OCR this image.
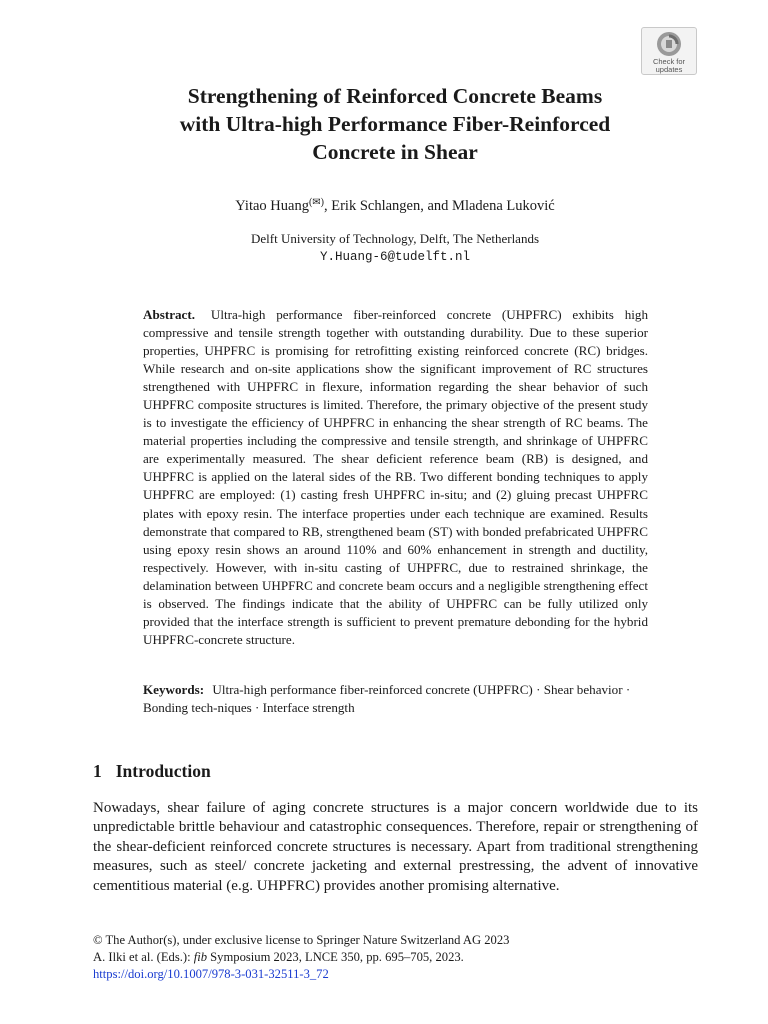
Check for
updates
Strengthening of Reinforced Concrete Beams
with Ultra-high Performance Fiber-Reinforced
Concrete in Shear
Yitao Huang(✉), Erik Schlangen, and Mladena Luković
Delft University of Technology, Delft, The Netherlands
Y.Huang-6@tudelft.nl

Abstract. Ultra-high performance fiber-reinforced concrete (UHPFRC) exhibits high compressive and tensile strength together with outstanding durability. Due to these superior properties, UHPFRC is promising for retrofitting existing reinforced concrete (RC) bridges. While research and on-site applications show the significant improvement of RC structures strengthened with UHPFRC in flexure, information regarding the shear behavior of such UHPFRC composite structures is limited. Therefore, the primary objective of the present study is to investigate the efficiency of UHPFRC in enhancing the shear strength of RC beams. The material properties including the compressive and tensile strength, and shrinkage of UHPFRC are experimentally measured. The shear deficient reference beam (RB) is designed, and UHPFRC is applied on the lateral sides of the RB. Two different bonding techniques to apply UHPFRC are employed: (1) casting fresh UHPFRC in-situ; and (2) gluing precast UHPFRC plates with epoxy resin. The interface properties under each technique are examined. Results demonstrate that compared to RB, strengthened beam (ST) with bonded prefabricated UHPFRC using epoxy resin shows an around 110% and 60% enhancement in strength and ductility, respectively. However, with in-situ casting of UHPFRC, due to restrained shrinkage, the delamination between UHPFRC and concrete beam occurs and a negligible strengthening effect is observed. The findings indicate that the ability of UHPFRC can be fully utilized only provided that the interface strength is sufficient to prevent premature debonding for the hybrid UHPFRC-concrete structure.

Keywords: Ultra-high performance fiber-reinforced concrete (UHPFRC) · Shear behavior · Bonding tech-niques · Interface strength

1 Introduction

Nowadays, shear failure of aging concrete structures is a major concern worldwide due to its unpredictable brittle behaviour and catastrophic consequences. Therefore, repair or strengthening of the shear-deficient reinforced concrete structures is necessary. Apart from traditional strengthening measures, such as steel/ concrete jacketing and external prestressing, the advent of innovative cementitious material (e.g. UHPFRC) provides another promising alternative.

© The Author(s), under exclusive license to Springer Nature Switzerland AG 2023
A. Ilki et al. (Eds.): fib Symposium 2023, LNCE 350, pp. 695–705, 2023.
https://doi.org/10.1007/978-3-031-32511-3_72
